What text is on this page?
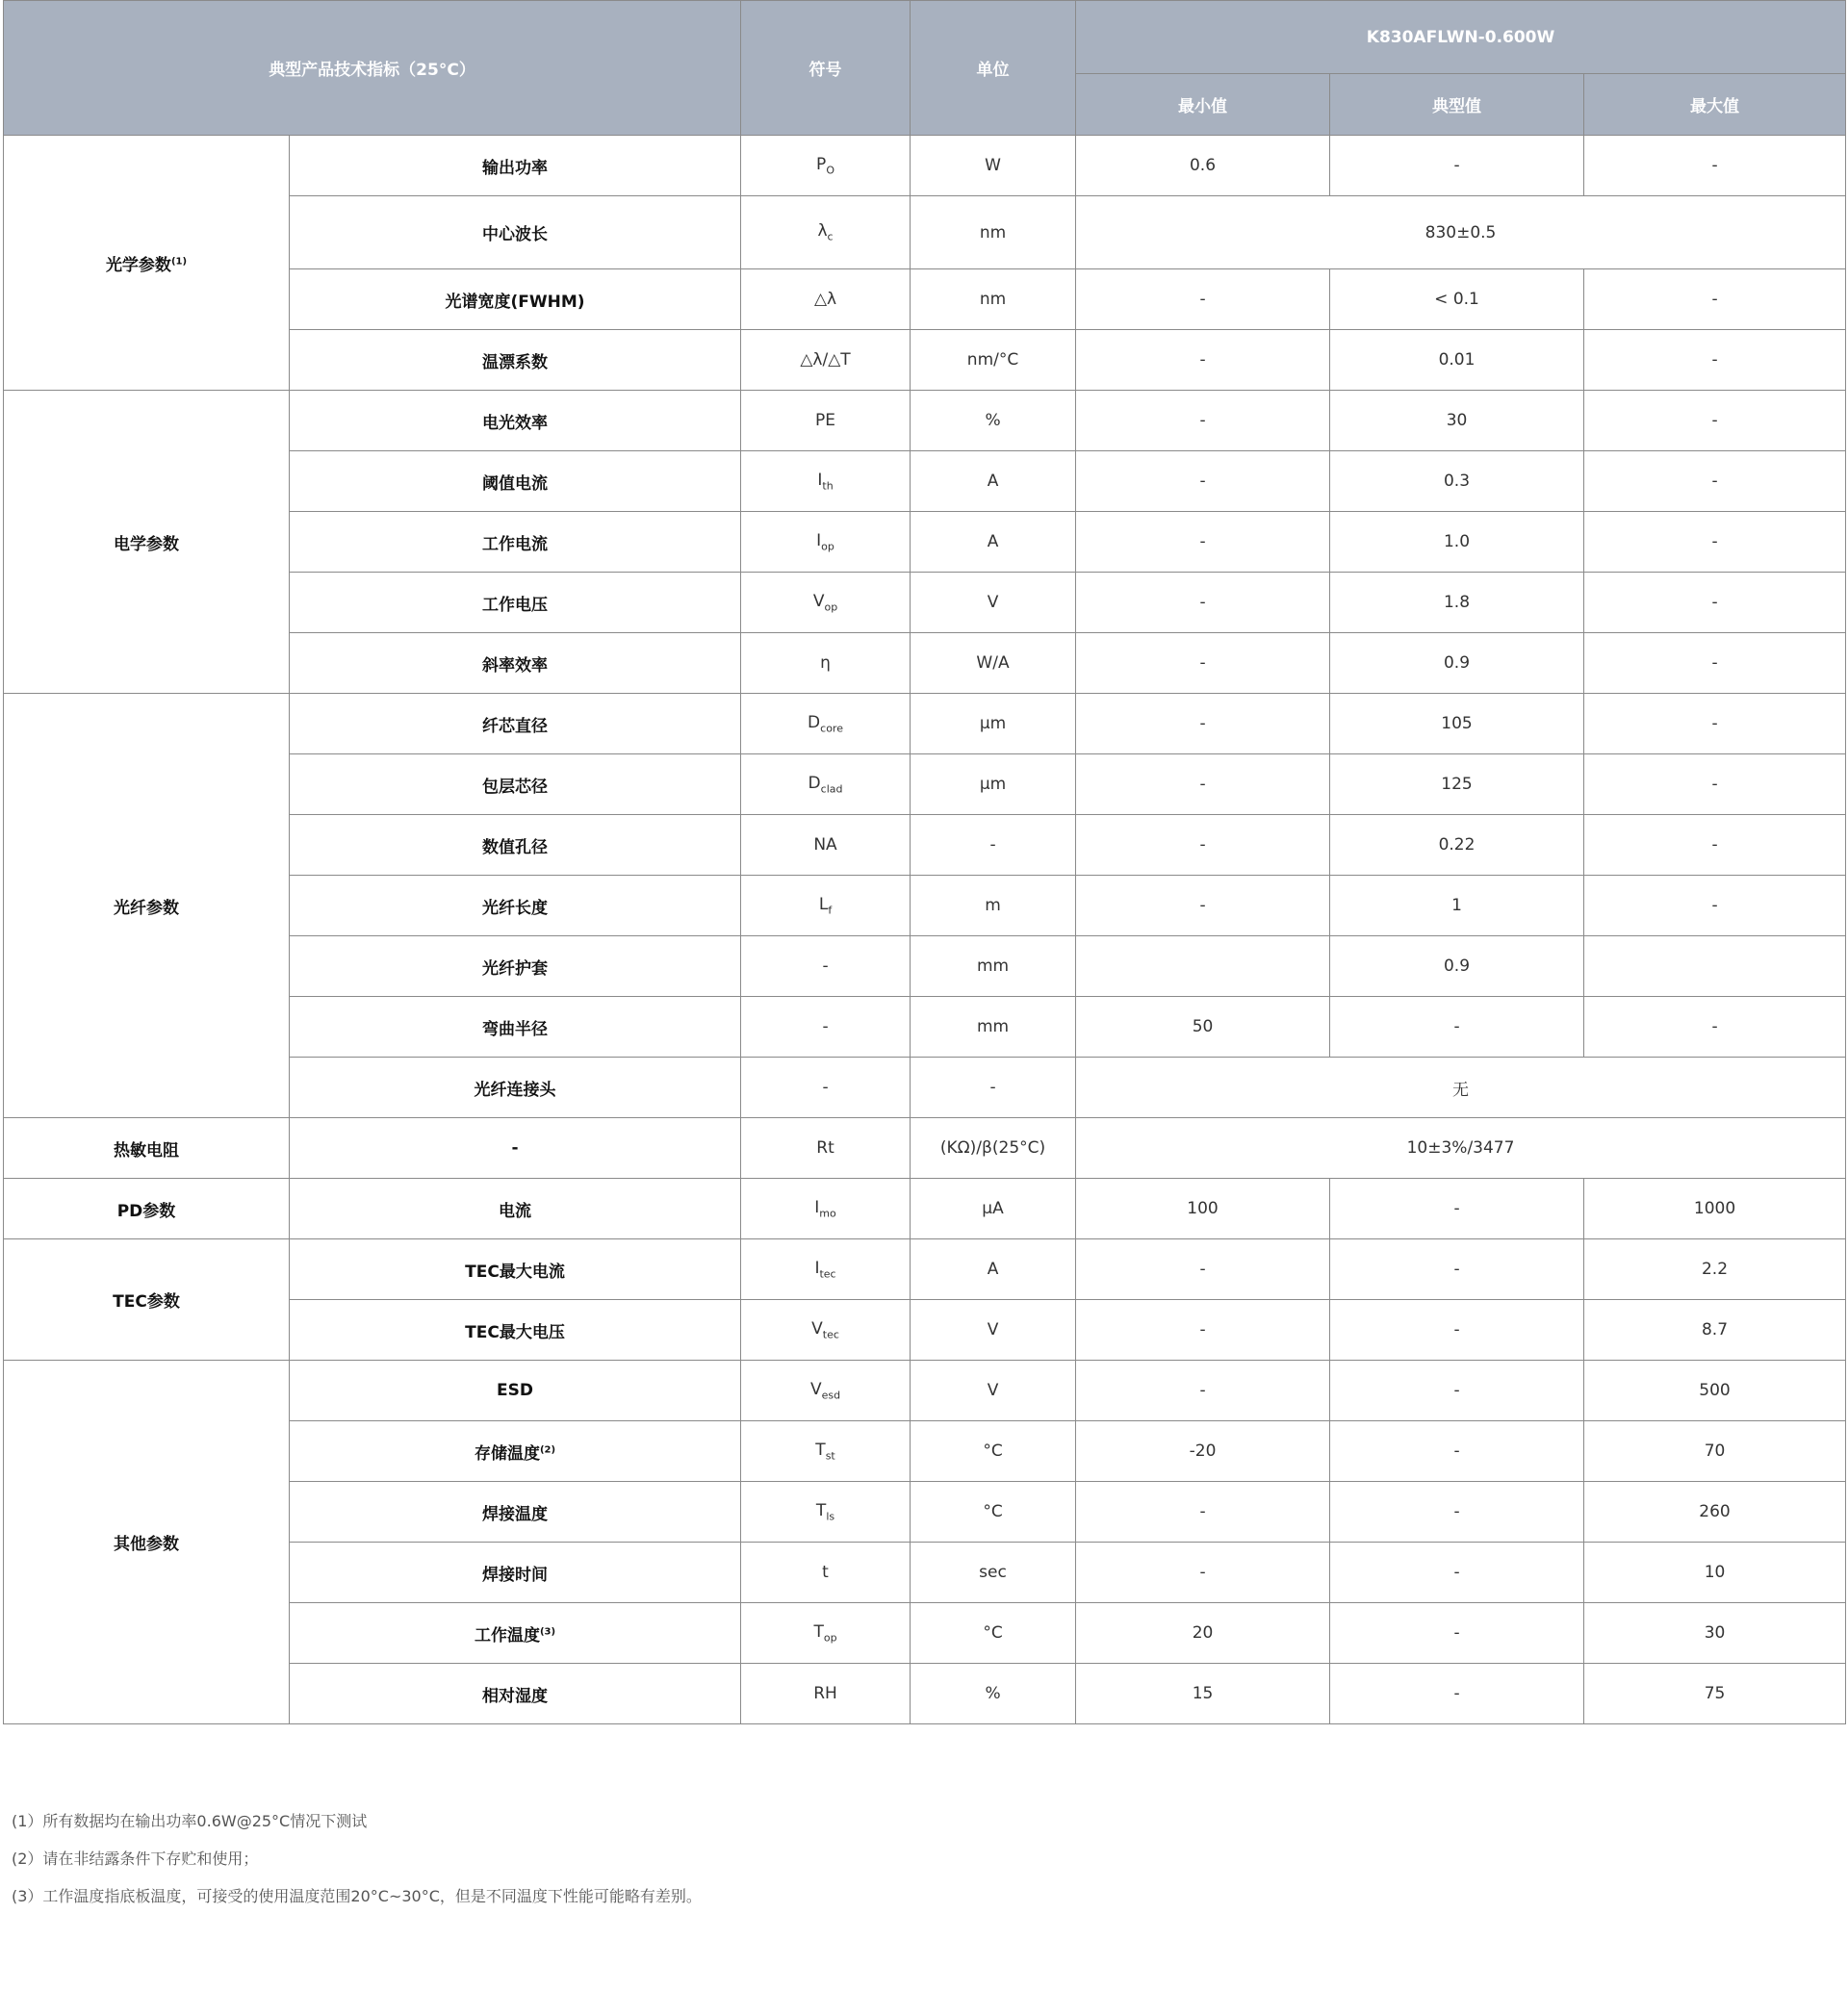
典型产品技术指标（25°C）		符号	单位	K830AFLWN-0.600W		
				最小值	典型值	最大值
光学参数$^{(1)}$	输出功率	$P_O$	W	0.6	-	-
	中心波长	$\lambda_c$	nm	830±0.5		
	光谱宽度(FWHM)	△λ	nm	-	< 0.1	-
	温漂系数	△λ/△T	nm/°C	-	0.01	-
电学参数	电光效率	PE	%	-	30	-
	阈值电流	$I_{th}$	A	-	0.3	-
	工作电流	$I_{op}$	A	-	1.0	-
	工作电压	$V_{op}$	V	-	1.8	-
	斜率效率	η	W/A	-	0.9	-
光纤参数	纤芯直径	$D_{core}$	μm	-	105	-
	包层芯径	$D_{clad}$	μm	-	125	-
	数值孔径	NA	-	-	0.22	-
	光纤长度	$L_f$	m	-	1	-
	光纤护套	-	mm		0.9	
	弯曲半径	-	mm	50	-	-
	光纤连接头	-	-	无		
热敏电阻	-	Rt	(KΩ)/β(25°C)	10±3%/3477		
PD参数	电流	$I_{mo}$	μA	100	-	1000
TEC参数	TEC最大电流	$I_{tec}$	A	-	-	2.2
	TEC最大电压	$V_{tec}$	V	-	-	8.7
其他参数	ESD	$V_{esd}$	V	-	-	500
	存储温度$^{(2)}$	$T_{st}$	°C	-20	-	70
	焊接温度	$T_{ls}$	°C	-	-	260
	焊接时间	t	sec	-	-	10
	工作温度$^{(3)}$	$T_{op}$	°C	20	-	30
	相对湿度	RH	%	15	-	75
(1）所有数据均在输出功率0.6W@25°C情况下测试
(2）请在非结露条件下存贮和使用；
(3）工作温度指底板温度，可接受的使用温度范围20°C~30°C，但是不同温度下性能可能略有差别。
